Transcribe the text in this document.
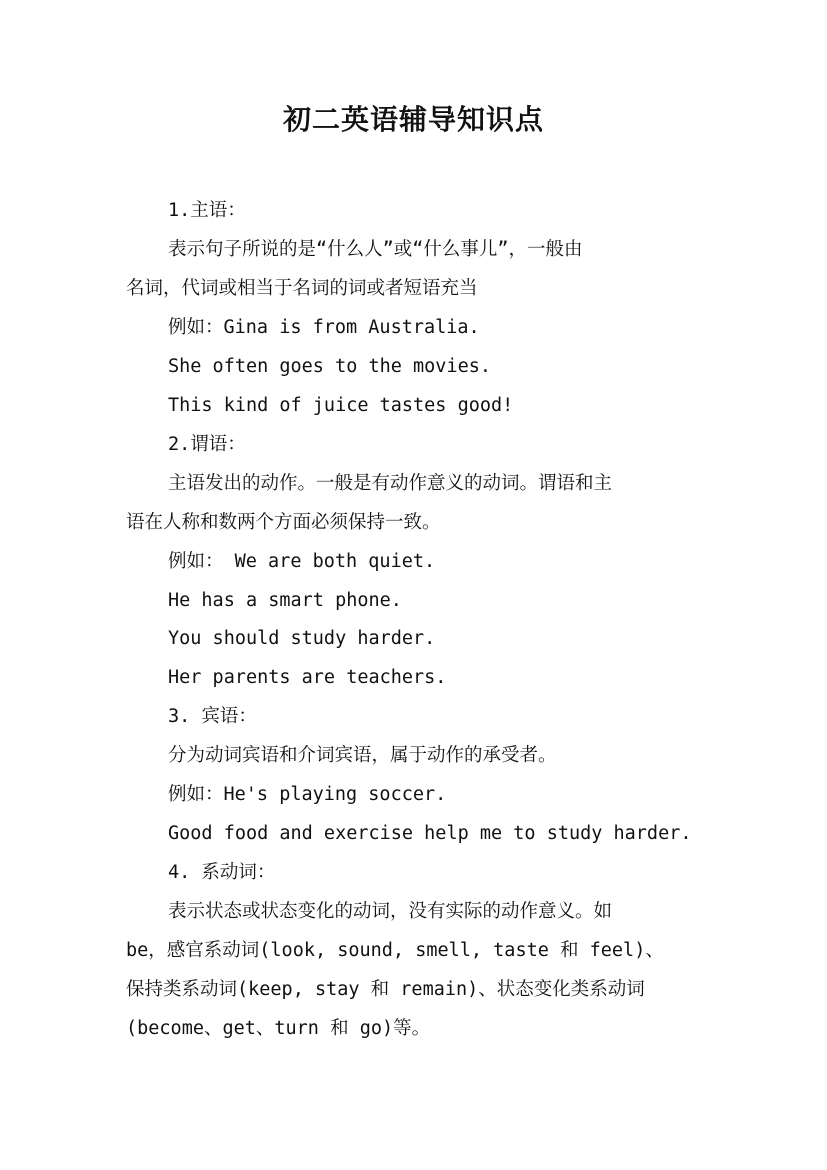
初二英语辅导知识点
1.主语：
表示句子所说的是“什么人”或“什么事儿”，一般由
名词，代词或相当于名词的词或者短语充当
例如：Gina is from Australia.
She often goes to the movies.
This kind of juice tastes good!
2.谓语：
主语发出的动作。一般是有动作意义的动词。谓语和主
语在人称和数两个方面必须保持一致。
例如： We are both quiet.
He has a smart phone.
You should study harder.
Her parents are teachers.
3. 宾语：
分为动词宾语和介词宾语，属于动作的承受者。
例如：He's playing soccer.
Good food and exercise help me to study harder.
4. 系动词：
表示状态或状态变化的动词，没有实际的动作意义。如
be，感官系动词(look, sound, smell, taste 和 feel)、
保持类系动词(keep, stay 和 remain)、状态变化类系动词
(become、get、turn 和 go)等。
